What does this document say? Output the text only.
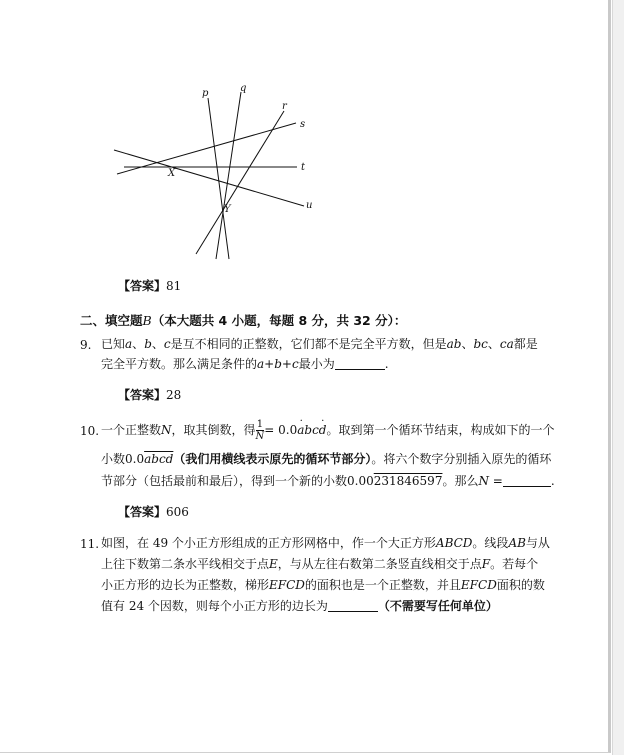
p	q
r
s
t
u
X
Y
【答案】81
二、填空题B（本大题共 4 小题，每题 8 分，共 32 分）：
9. 已知a、b、c是互不相同的正整数，它们都不是完全平方数，但是ab、bc、ca都是
完全平方数。那么满足条件的a+b+c最小为	.
【答案】28
10. 一个正整数N，取其倒数，得 $\frac{1}{N}$ = 0.0˙ abc˙ d。取到第一个循环节结束，构成如下的一个
小数0.0abcd（我们用横线表示原先的循环节部分）。将六个数字分别插入原先的循环
节部分（包括最前和最后），得到一个新的小数0.00231846597。那么N =	.
【答案】606
11. 如图，在 49 个小正方形组成的正方形网格中，作一个大正方形ABCD。线段AB与从
上往下数第二条水平线相交于点E，与从左往右数第二条竖直线相交于点F。若每个
小正方形的边长为正整数，梯形EFCD的面积也是一个正整数，并且EFCD面积的数
值有 24 个因数，则每个小正方形的边长为	（不需要写任何单位）
